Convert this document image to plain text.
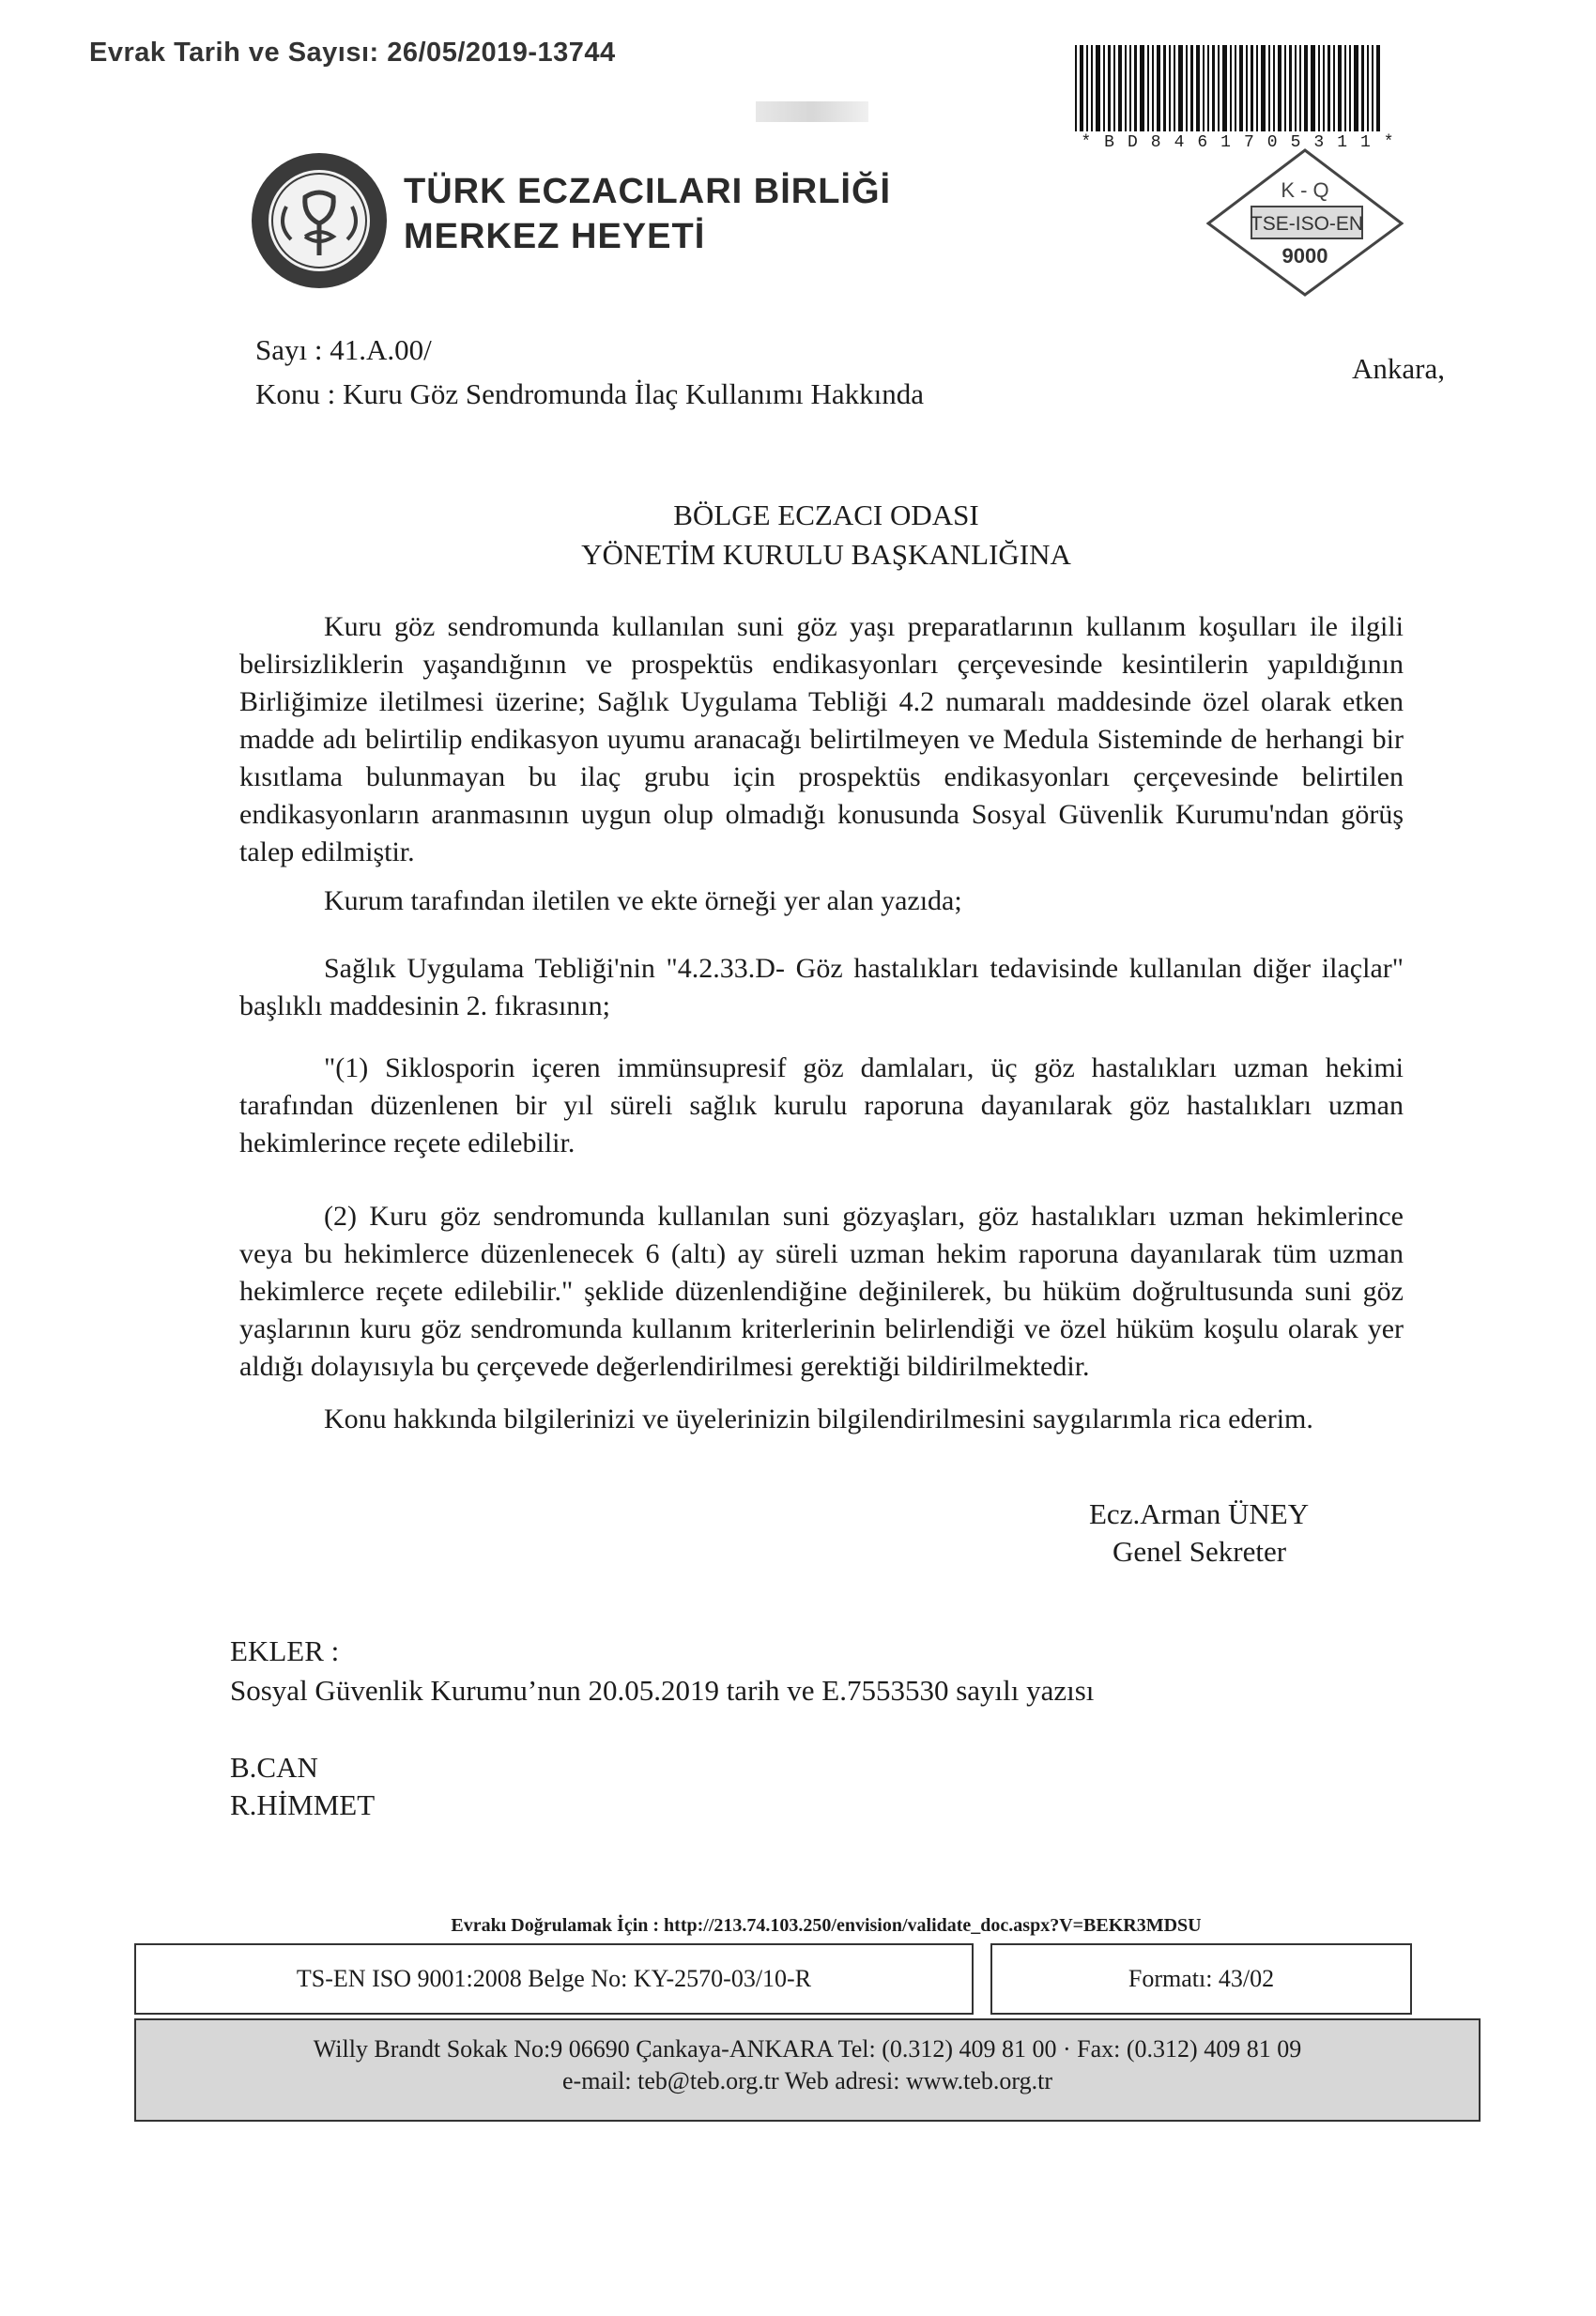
Evrak Tarih ve Sayısı: 26/05/2019-13744
*BD8461705311*
TÜRK ECZACILARI BİRLİĞİ
MERKEZ HEYETİ
K - Q
TSE-ISO-EN
9000
Sayı : 41.A.00/
Konu : Kuru Göz Sendromunda İlaç Kullanımı Hakkında
Ankara,
BÖLGE ECZACI ODASI
YÖNETİM KURULU BAŞKANLIĞINA

Kuru göz sendromunda kullanılan suni göz yaşı preparatlarının kullanım koşulları ile ilgili belirsizliklerin yaşandığının ve prospektüs endikasyonları çerçevesinde kesintilerin yapıldığının Birliğimize iletilmesi üzerine; Sağlık Uygulama Tebliği 4.2 numaralı maddesinde özel olarak etken madde adı belirtilip endikasyon uyumu aranacağı belirtilmeyen ve Medula Sisteminde de herhangi bir kısıtlama bulunmayan bu ilaç grubu için prospektüs endikasyonları çerçevesinde belirtilen endikasyonların aranmasının uygun olup olmadığı konusunda Sosyal Güvenlik Kurumu'ndan görüş talep edilmiştir.

Kurum tarafından iletilen ve ekte örneği yer alan yazıda;

Sağlık Uygulama Tebliği'nin "4.2.33.D- Göz hastalıkları tedavisinde kullanılan diğer ilaçlar" başlıklı maddesinin 2. fıkrasının;

"(1) Siklosporin içeren immünsupresif göz damlaları, üç göz hastalıkları uzman hekimi tarafından düzenlenen bir yıl süreli sağlık kurulu raporuna dayanılarak göz hastalıkları uzman hekimlerince reçete edilebilir.

(2) Kuru göz sendromunda kullanılan suni gözyaşları, göz hastalıkları uzman hekimlerince veya bu hekimlerce düzenlenecek 6 (altı) ay süreli uzman hekim raporuna dayanılarak tüm uzman hekimlerce reçete edilebilir." şeklide düzenlendiğine değinilerek, bu hüküm doğrultusunda suni göz yaşlarının kuru göz sendromunda kullanım kriterlerinin belirlendiği ve özel hüküm koşulu olarak yer aldığı dolayısıyla bu çerçevede değerlendirilmesi gerektiği bildirilmektedir.

Konu hakkında bilgilerinizi ve üyelerinizin bilgilendirilmesini saygılarımla rica ederim.

Ecz.Arman ÜNEY
Genel Sekreter
EKLER :
Sosyal Güvenlik Kurumu’nun 20.05.2019 tarih ve E.7553530 sayılı yazısı
B.CAN
R.HİMMET
Evrakı Doğrulamak İçin : http://213.74.103.250/envision/validate_doc.aspx?V=BEKR3MDSU
TS-EN ISO 9001:2008 Belge No: KY-2570-03/10-R	Formatı: 43/02
Willy Brandt Sokak No:9 06690 Çankaya-ANKARA Tel: (0.312) 409 81 00 · Fax: (0.312) 409 81 09
e-mail: teb@teb.org.tr Web adresi: www.teb.org.tr
